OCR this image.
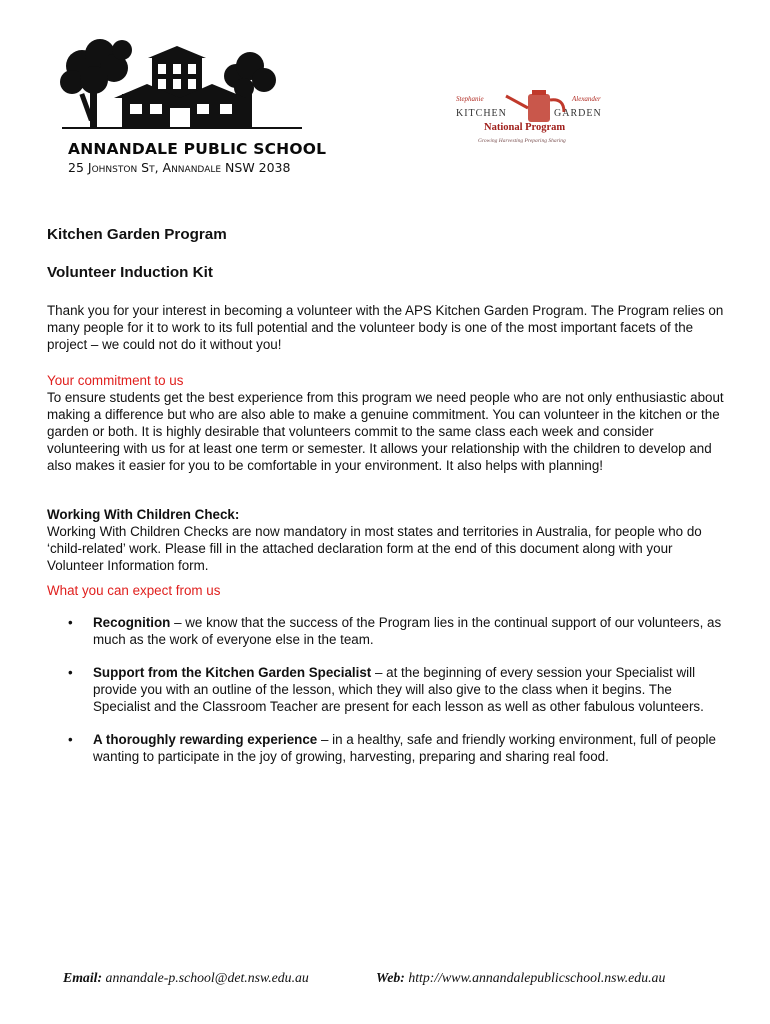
ANNANDALE PUBLIC SCHOOL
25 Johnston St, Annandale NSW 2038
Stephanie	Alexander
KITCHEN	GARDEN
National Program
Growing Harvesting Preparing Sharing
Kitchen Garden Program
Volunteer Induction Kit

Thank you for your interest in becoming a volunteer with the APS Kitchen Garden Program. The Program relies on many people for it to work to its full potential and the volunteer body is one of the most important facets of the project – we could not do it without you!

Your commitment to us

To ensure students get the best experience from this program we need people who are not only enthusiastic about making a difference but who are also able to make a genuine commitment. You can volunteer in the kitchen or the garden or both. It is highly desirable that volunteers commit to the same class each week and consider volunteering with us for at least one term or semester. It allows your relationship with the children to develop and also makes it easier for you to be comfortable in your environment. It also helps with planning!

Working With Children Check:

Working With Children Checks are now mandatory in most states and territories in Australia, for people who do ‘child-related’ work. Please fill in the attached declaration form at the end of this document along with your Volunteer Information form.

What you can expect from us
• Recognition – we know that the success of the Program lies in the continual support of our volunteers, as much as the work of everyone else in the team.
• Support from the Kitchen Garden Specialist – at the beginning of every session your Specialist will provide you with an outline of the lesson, which they will also give to the class when it begins. The Specialist and the Classroom Teacher are present for each lesson as well as other fabulous volunteers.
• A thoroughly rewarding experience – in a healthy, safe and friendly working environment, full of people wanting to participate in the joy of growing, harvesting, preparing and sharing real food.
Email: annandale-p.school@det.nsw.edu.au	Web: http://www.annandalepublicschool.nsw.edu.au
